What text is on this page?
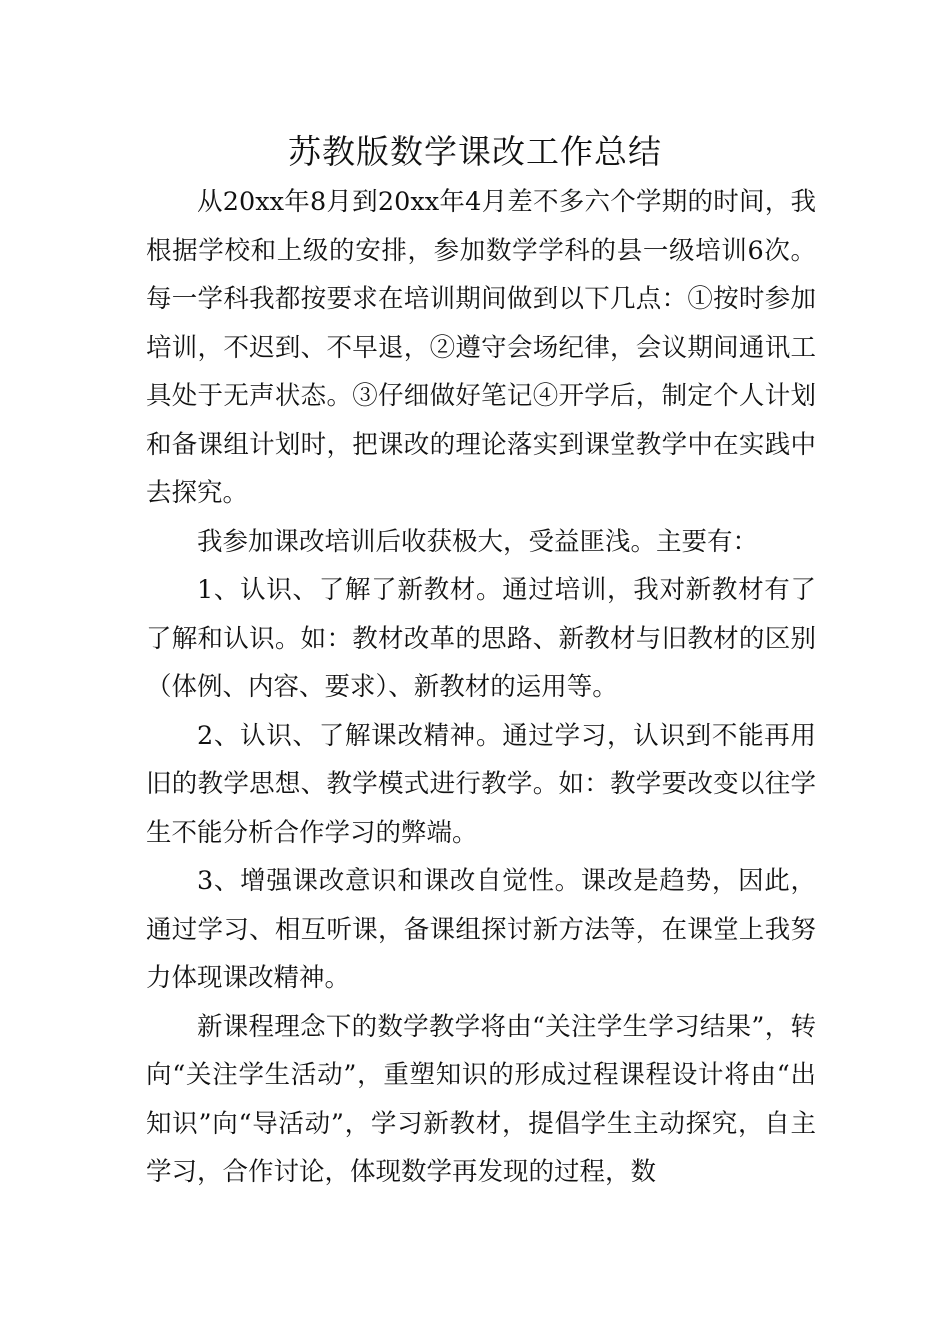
苏教版数学课改工作总结

从20xx年8月到20xx年4月差不多六个学期的时间，我根据学校和上级的安排，参加数学学科的县一级培训6次。每一学科我都按要求在培训期间做到以下几点：①按时参加培训，不迟到、不早退，②遵守会场纪律，会议期间通讯工具处于无声状态。③仔细做好笔记④开学后，制定个人计划和备课组计划时，把课改的理论落实到课堂教学中在实践中去探究。

我参加课改培训后收获极大，受益匪浅。主要有：

1、认识、了解了新教材。通过培训，我对新教材有了了解和认识。如：教材改革的思路、新教材与旧教材的区别（体例、内容、要求）、新教材的运用等。

2、认识、了解课改精神。通过学习，认识到不能再用旧的教学思想、教学模式进行教学。如：教学要改变以往学生不能分析合作学习的弊端。

3、增强课改意识和课改自觉性。课改是趋势，因此，通过学习、相互听课，备课组探讨新方法等，在课堂上我努力体现课改精神。

新课程理念下的数学教学将由“关注学生学习结果”，转向“关注学生活动”，重塑知识的形成过程课程设计将由“出知识”向“导活动”，学习新教材，提倡学生主动探究，自主学习，合作讨论，体现数学再发现的过程，数
